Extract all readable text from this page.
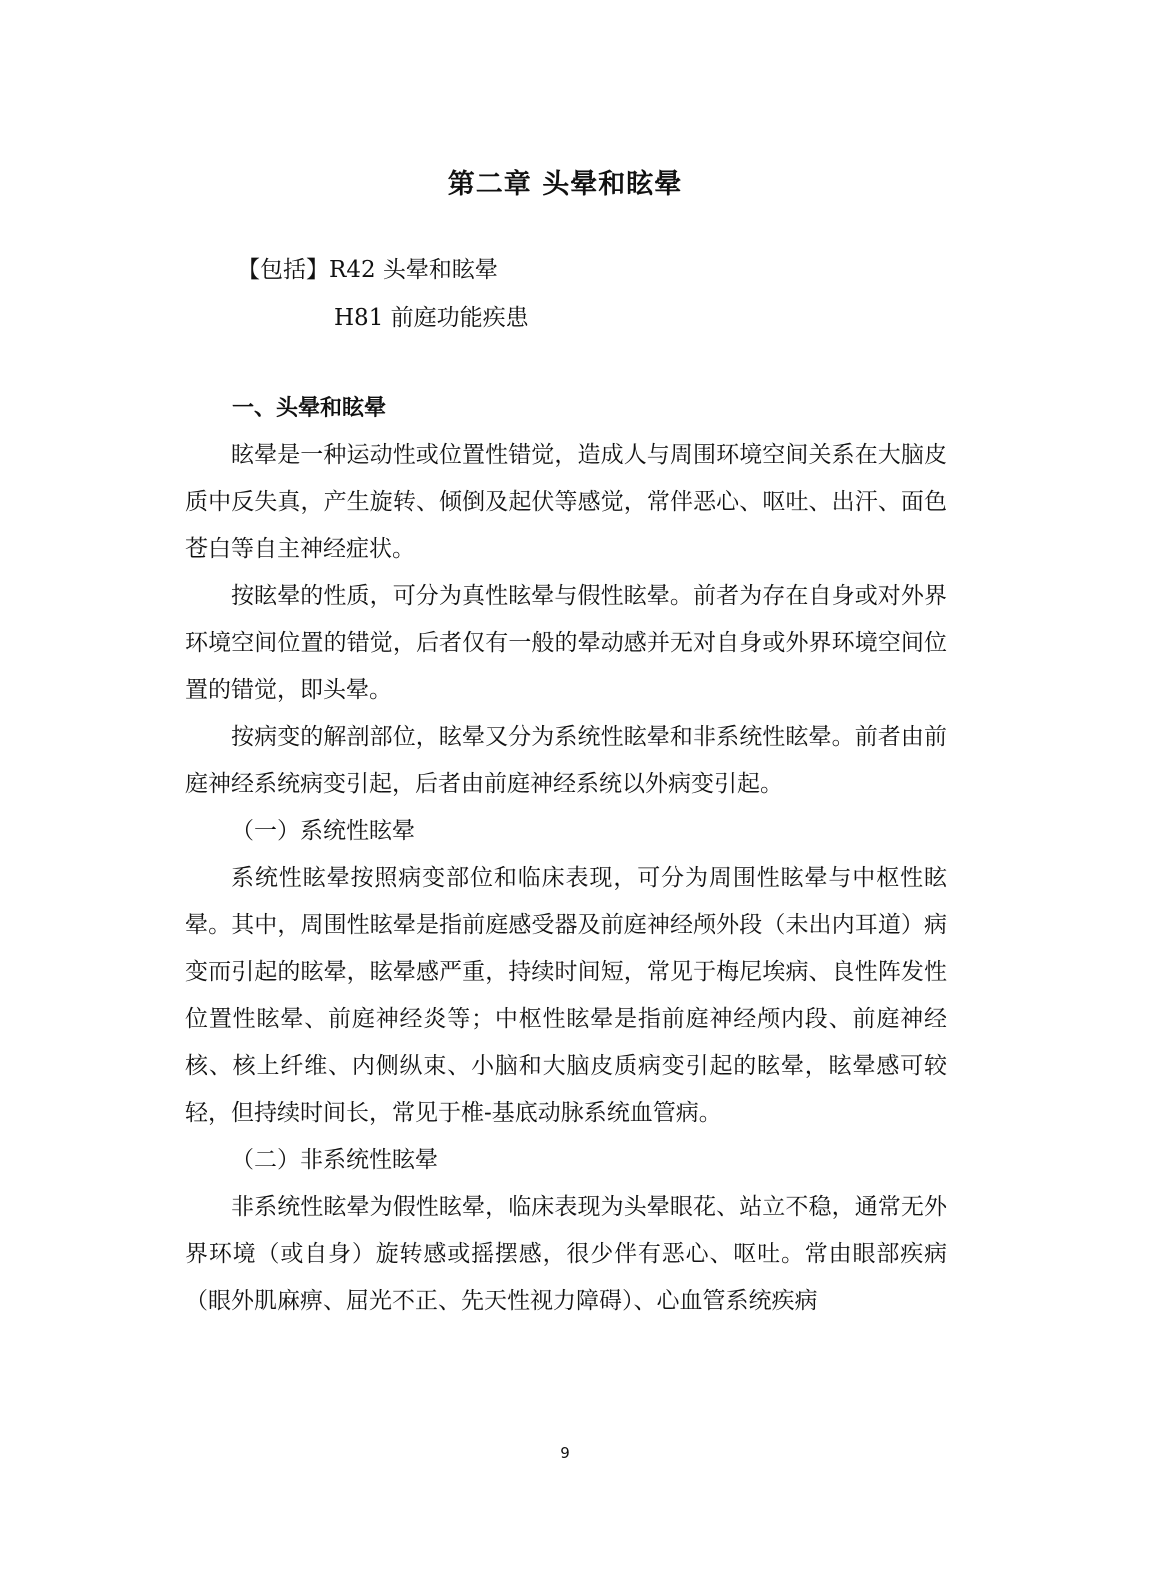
第二章 头晕和眩晕
【包括】R42 头晕和眩晕
H81 前庭功能疾患
一、头晕和眩晕

眩晕是一种运动性或位置性错觉，造成人与周围环境空间关系在大脑皮质中反失真，产生旋转、倾倒及起伏等感觉，常伴恶心、呕吐、出汗、面色苍白等自主神经症状。

按眩晕的性质，可分为真性眩晕与假性眩晕。前者为存在自身或对外界环境空间位置的错觉，后者仅有一般的晕动感并无对自身或外界环境空间位置的错觉，即头晕。

按病变的解剖部位，眩晕又分为系统性眩晕和非系统性眩晕。前者由前庭神经系统病变引起，后者由前庭神经系统以外病变引起。

（一）系统性眩晕

系统性眩晕按照病变部位和临床表现，可分为周围性眩晕与中枢性眩晕。其中，周围性眩晕是指前庭感受器及前庭神经颅外段（未出内耳道）病变而引起的眩晕，眩晕感严重，持续时间短，常见于梅尼埃病、良性阵发性位置性眩晕、前庭神经炎等；中枢性眩晕是指前庭神经颅内段、前庭神经核、核上纤维、内侧纵束、小脑和大脑皮质病变引起的眩晕，眩晕感可较轻，但持续时间长，常见于椎-基底动脉系统血管病。

（二）非系统性眩晕

非系统性眩晕为假性眩晕，临床表现为头晕眼花、站立不稳，通常无外界环境（或自身）旋转感或摇摆感，很少伴有恶心、呕吐。常由眼部疾病（眼外肌麻痹、屈光不正、先天性视力障碍）、心血管系统疾病

9
